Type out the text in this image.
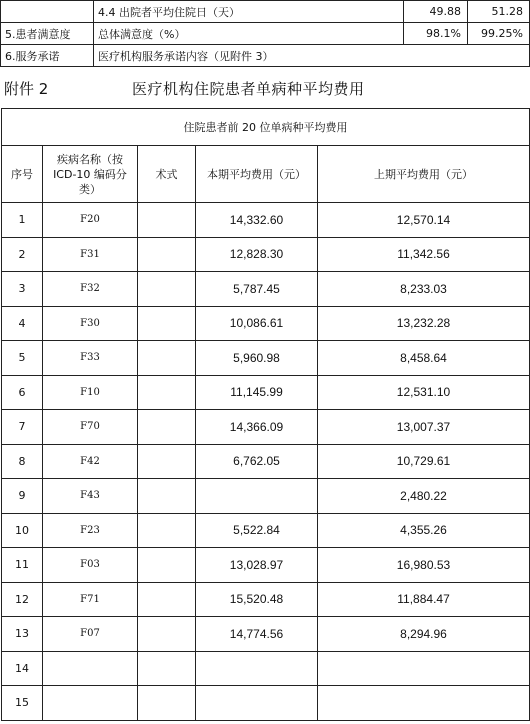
	4.4 出院者平均住院日（天）	49.88	51.28
5.患者满意度	总体满意度（%）	98.1%	99.25%
6.服务承诺	医疗机构服务承诺内容（见附件 3）		
附件 2	医疗机构住院患者单病种平均费用
住院患者前 20 位单病种平均费用				
序号	疾病名称（按 ICD-10 编码分类）	术式	本期平均费用（元）	上期平均费用（元）
1	F20		14,332.60	12,570.14
2	F31		12,828.30	11,342.56
3	F32		5,787.45	8,233.03
4	F30		10,086.61	13,232.28
5	F33		5,960.98	8,458.64
6	F10		11,145.99	12,531.10
7	F70		14,366.09	13,007.37
8	F42		6,762.05	10,729.61
9	F43			2,480.22
10	F23		5,522.84	4,355.26
11	F03		13,028.97	16,980.53
12	F71		15,520.48	11,884.47
13	F07		14,774.56	8,294.96
14				
15				
